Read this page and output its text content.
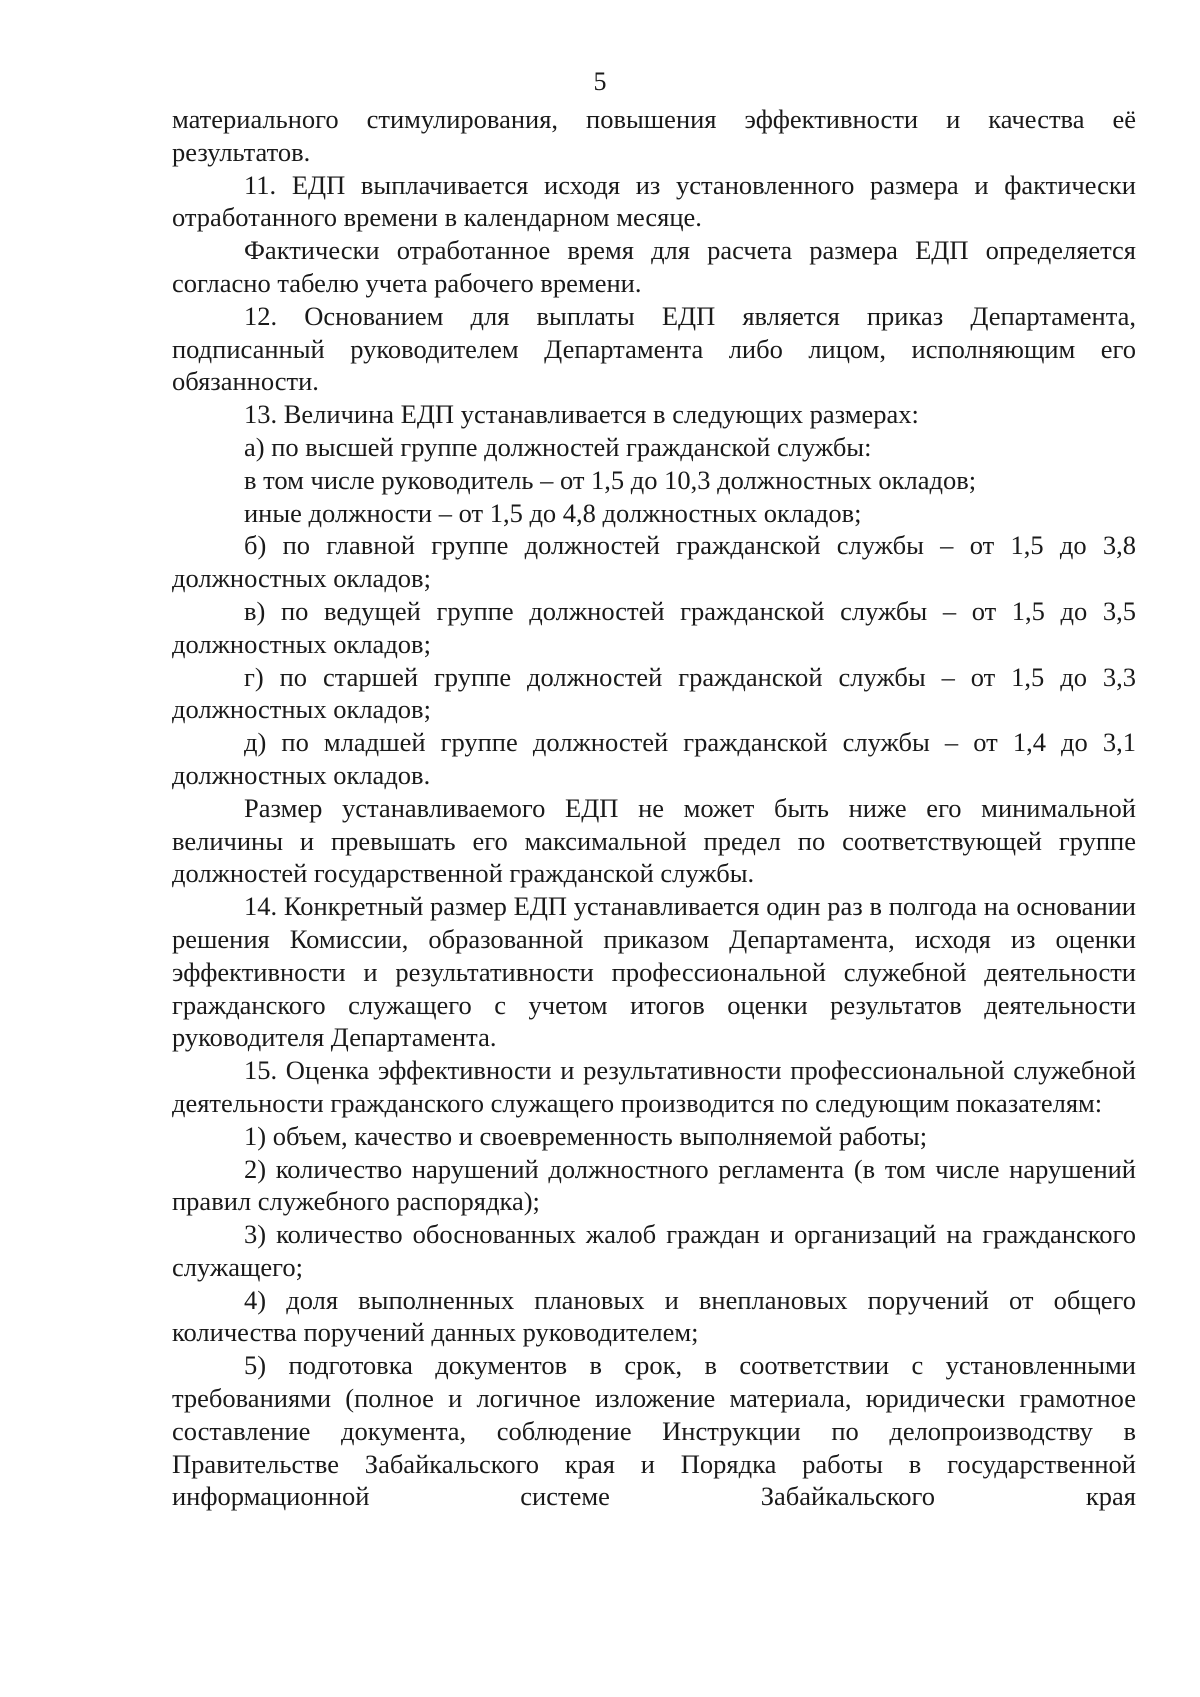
5

материального стимулирования, повышения эффективности и качества её результатов.

11. ЕДП выплачивается исходя из установленного размера и фактически отработанного времени в календарном месяце.

Фактически отработанное время для расчета размера ЕДП определяется согласно табелю учета рабочего времени.

12. Основанием для выплаты ЕДП является приказ Департамента, подписанный руководителем Департамента либо лицом, исполняющим его обязанности.

13. Величина ЕДП устанавливается в следующих размерах:

а) по высшей группе должностей гражданской службы:

в том числе руководитель – от 1,5 до 10,3 должностных окладов;

иные должности – от 1,5 до 4,8 должностных окладов;

б) по главной группе должностей гражданской службы – от 1,5 до 3,8 должностных окладов;

в) по ведущей группе должностей гражданской службы – от 1,5 до 3,5 должностных окладов;

г) по старшей группе должностей гражданской службы – от 1,5 до 3,3 должностных окладов;

д) по младшей группе должностей гражданской службы – от 1,4 до 3,1 должностных окладов.

Размер устанавливаемого ЕДП не может быть ниже его минимальной величины и превышать его максимальной предел по соответствующей группе должностей государственной гражданской службы.

14. Конкретный размер ЕДП устанавливается один раз в полгода на основании решения Комиссии, образованной приказом Департамента, исходя из оценки эффективности и результативности профессиональной служебной деятельности гражданского служащего с учетом итогов оценки результатов деятельности руководителя Департамента.

15. Оценка эффективности и результативности профессиональной служебной деятельности гражданского служащего производится по следующим показателям:

1) объем, качество и своевременность выполняемой работы;

2) количество нарушений должностного регламента (в том числе нарушений правил служебного распорядка);

3) количество обоснованных жалоб граждан и организаций на гражданского служащего;

4) доля выполненных плановых и внеплановых поручений от общего количества поручений данных руководителем;

5) подготовка документов в срок, в соответствии с установленными требованиями (полное и логичное изложение материала, юридически грамотное составление документа, соблюдение Инструкции по делопроизводству в Правительстве Забайкальского края и Порядка работы в государственной информационной системе Забайкальского края
